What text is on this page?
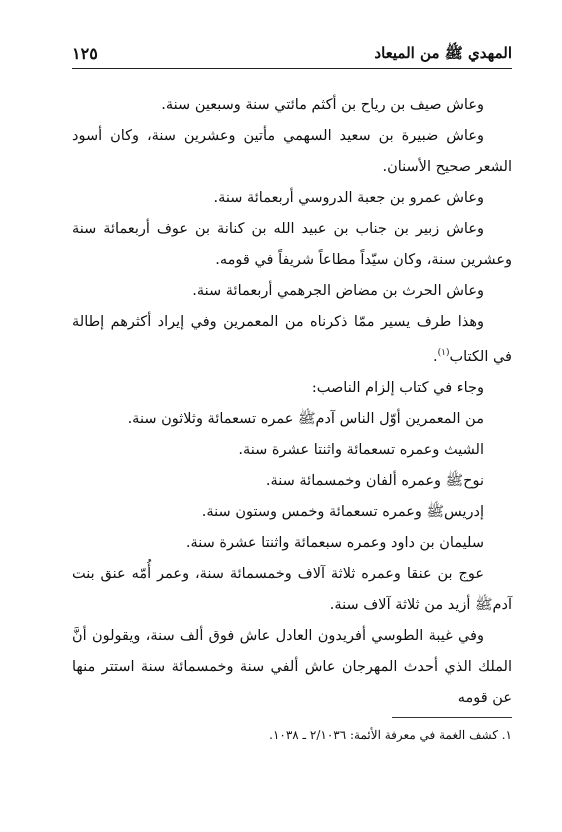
المهدي ﷺ من الميعاد
١٢٥

وعاش صيف بن رياح بن أكثم مائتي سنة وسبعين سنة.

وعاش ضبيرة بن سعيد السهمي مأتين وعشرين سنة، وكان أسود الشعر صحيح الأسنان.

وعاش عمرو بن جعبة الدروسي أربعمائة سنة.

وعاش زبير بن جناب بن عبيد الله بن كنانة بن عوف أربعمائة سنة وعشرين سنة، وكان سيّداً مطاعاً شريفاً في قومه.

وعاش الحرث بن مضاض الجرهمي أربعمائة سنة.

وهذا طرف يسير ممّا ذكرناه من المعمرين وفي إيراد أكثرهم إطالة في الكتاب$^{(١)}$.

وجاء في كتاب إلزام الناصب:

من المعمرين أوّل الناس آدمﷺ عمره تسعمائة وثلاثون سنة.

الشيث وعمره تسعمائة واثنتا عشرة سنة.

نوحﷺ وعمره ألفان وخمسمائة سنة.

إدريسﷺ وعمره تسعمائة وخمس وستون سنة.

سليمان بن داود وعمره سبعمائة واثنتا عشرة سنة.

عوج بن عنقا وعمره ثلاثة آلاف وخمسمائة سنة، وعمر أُمّه عنق بنت آدمﷺ أزيد من ثلاثة آلاف سنة.

وفي غيبة الطوسي أفريدون العادل عاش فوق ألف سنة، ويقولون أنَّ الملك الذي أحدث المهرجان عاش ألفي سنة وخمسمائة سنة استتر منها عن قومه

١. كشف الغمة في معرفة الأئمة: ٢/١٠٣٦ ـ ١٠٣٨.
